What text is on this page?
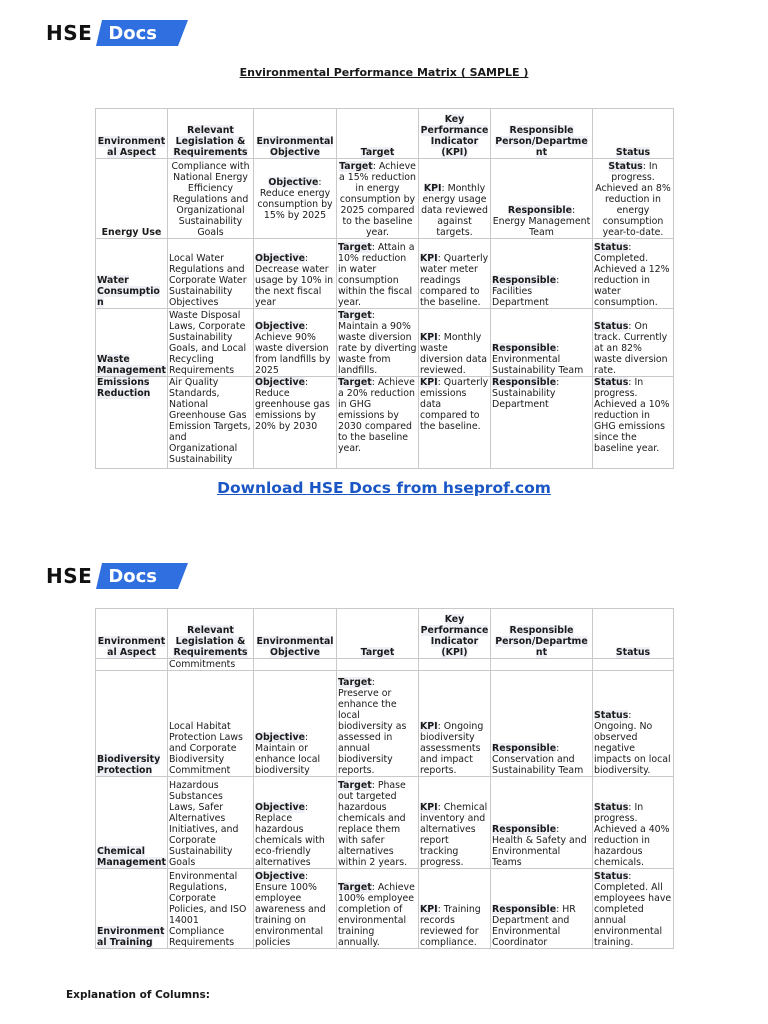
HSE Docs
Environmental Performance Matrix ( SAMPLE )
Environmental Aspect	Relevant Legislation & Requirements	Environmental Objective	Target	Key Performance Indicator (KPI)	Responsible Person/Department	Status
Energy Use	Compliance with National Energy Efficiency Regulations and Organizational Sustainability Goals	Objective: Reduce energy consumption by 15% by 2025	Target: Achieve a 15% reduction in energy consumption by 2025 compared to the baseline year.	KPI: Monthly energy usage data reviewed against targets.	Responsible: Energy Management Team	Status: In progress. Achieved an 8% reduction in energy consumption year-to-date.
Water Consumption	Local Water Regulations and Corporate Water Sustainability Objectives	Objective: Decrease water usage by 10% in the next fiscal year	Target: Attain a 10% reduction in water consumption within the fiscal year.	KPI: Quarterly water meter readings compared to the baseline.	Responsible: Facilities Department	Status: Completed. Achieved a 12% reduction in water consumption.
Waste Management	Waste Disposal Laws, Corporate Sustainability Goals, and Local Recycling Requirements	Objective: Achieve 90% waste diversion from landfills by 2025	Target: Maintain a 90% waste diversion rate by diverting waste from landfills.	KPI: Monthly waste diversion data reviewed.	Responsible: Environmental Sustainability Team	Status: On track. Currently at an 82% waste diversion rate.
Emissions Reduction	Air Quality Standards, National Greenhouse Gas Emission Targets, and Organizational Sustainability	Objective: Reduce greenhouse gas emissions by 20% by 2030	Target: Achieve a 20% reduction in GHG emissions by 2030 compared to the baseline year.	KPI: Quarterly emissions data compared to the baseline.	Responsible: Sustainability Department	Status: In progress. Achieved a 10% reduction in GHG emissions since the baseline year.
Download HSE Docs from hseprof.com
HSE Docs
Environmental Aspect	Relevant Legislation & Requirements	Environmental Objective	Target	Key Performance Indicator (KPI)	Responsible Person/Department	Status
	Commitments					
Biodiversity Protection	Local Habitat Protection Laws and Corporate Biodiversity Commitment	Objective: Maintain or enhance local biodiversity	Target: Preserve or enhance the local biodiversity as assessed in annual biodiversity reports.	KPI: Ongoing biodiversity assessments and impact reports.	Responsible: Conservation and Sustainability Team	Status: Ongoing. No observed negative impacts on local biodiversity.
Chemical Management	Hazardous Substances Laws, Safer Alternatives Initiatives, and Corporate Sustainability Goals	Objective: Replace hazardous chemicals with eco-friendly alternatives	Target: Phase out targeted hazardous chemicals and replace them with safer alternatives within 2 years.	KPI: Chemical inventory and alternatives report tracking progress.	Responsible: Health & Safety and Environmental Teams	Status: In progress. Achieved a 40% reduction in hazardous chemicals.
Environmental Training	Environmental Regulations, Corporate Policies, and ISO 14001 Compliance Requirements	Objective: Ensure 100% employee awareness and training on environmental policies	Target: Achieve 100% employee completion of environmental training annually.	KPI: Training records reviewed for compliance.	Responsible: HR Department and Environmental Coordinator	Status: Completed. All employees have completed annual environmental training.
Explanation of Columns:
